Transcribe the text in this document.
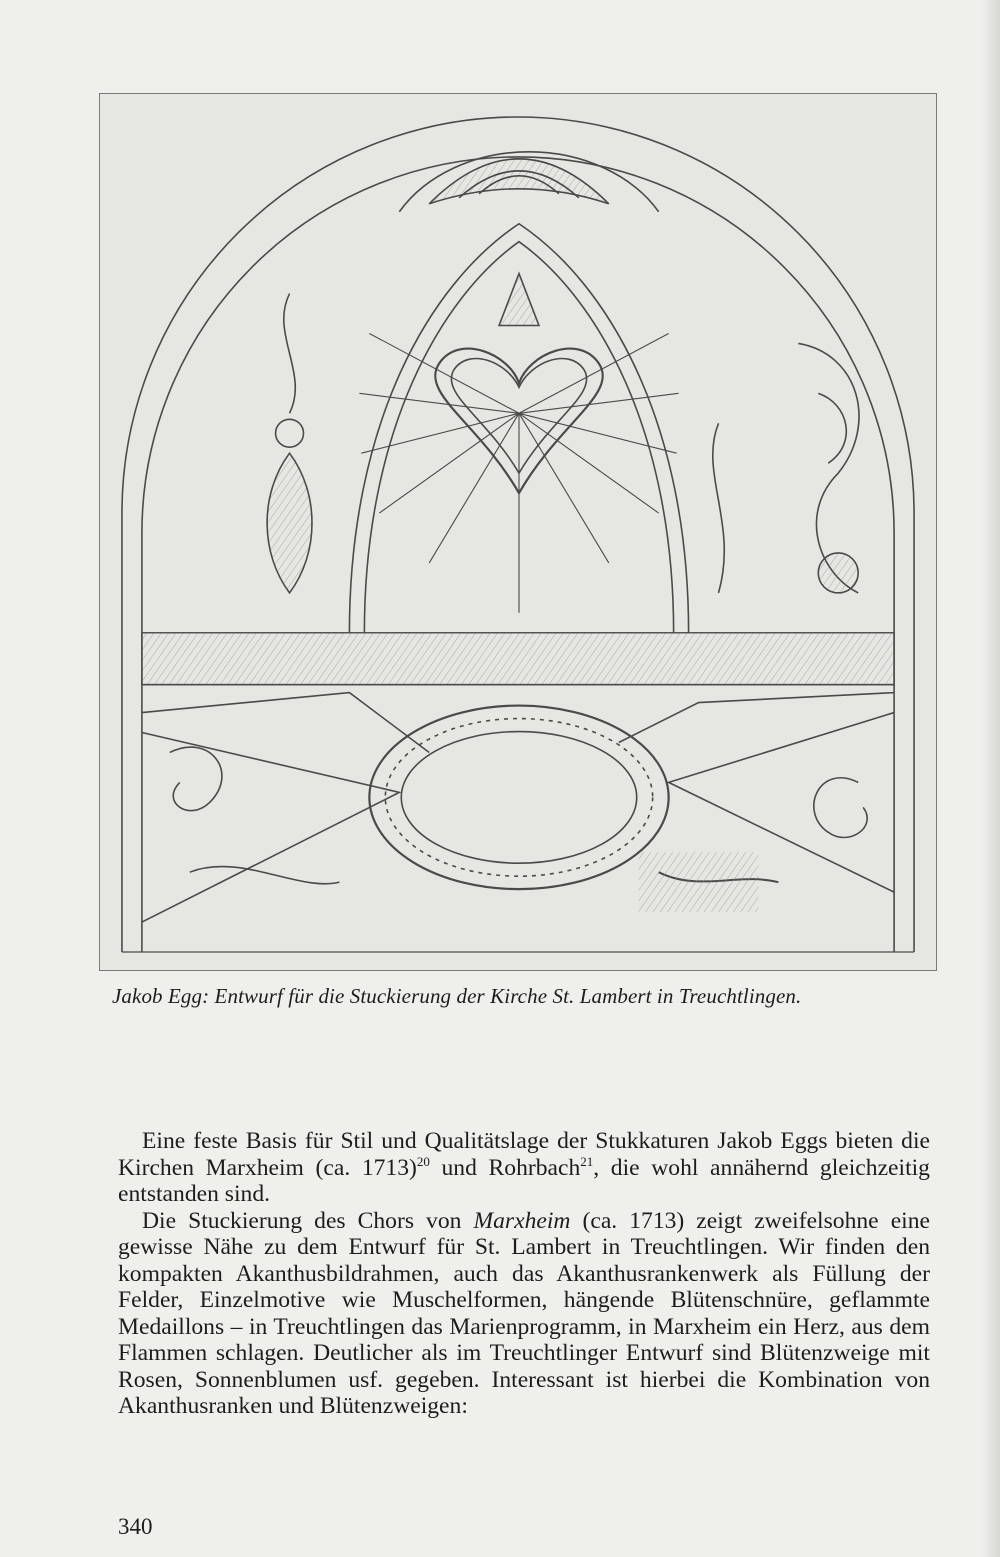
Jakob Egg: Entwurf für die Stuckierung der Kirche St. Lambert in Treuchtlingen.

Eine feste Basis für Stil und Qualitätslage der Stukkaturen Jakob Eggs bieten die Kirchen Marxheim (ca. 1713)$^{20}$ und Rohrbach$^{21}$, die wohl annähernd gleichzeitig entstanden sind.

Die Stuckierung des Chors von Marxheim (ca. 1713) zeigt zweifelsohne eine gewisse Nähe zu dem Entwurf für St. Lambert in Treuchtlingen. Wir finden den kompakten Akanthusbildrahmen, auch das Akanthusrankenwerk als Füllung der Felder, Einzelmotive wie Muschelformen, hängende Blütenschnüre, geflammte Medaillons – in Treuchtlingen das Marienprogramm, in Marxheim ein Herz, aus dem Flammen schlagen. Deutlicher als im Treuchtlinger Entwurf sind Blütenzweige mit Rosen, Sonnenblumen usf. gegeben. Interessant ist hierbei die Kombination von Akanthusranken und Blütenzweigen:

340
